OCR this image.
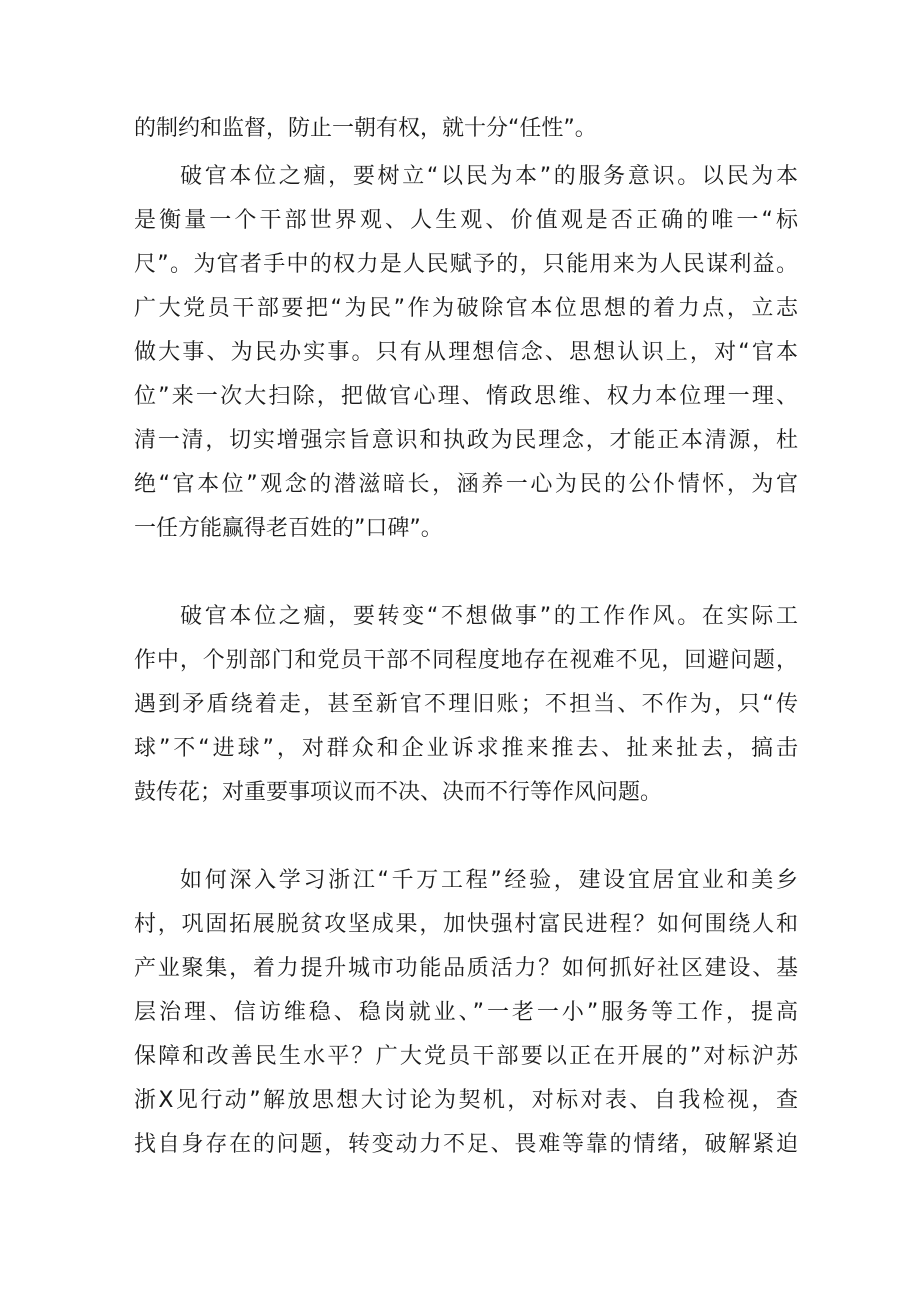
的制约和监督，防止一朝有权，就十分“任性”。
破官本位之痼，要树立“以民为本”的服务意识。以民为本
是衡量一个干部世界观、人生观、价值观是否正确的唯一“标
尺”。为官者手中的权力是人民赋予的，只能用来为人民谋利益。
广大党员干部要把“为民”作为破除官本位思想的着力点，立志
做大事、为民办实事。只有从理想信念、思想认识上，对“官本
位”来一次大扫除，把做官心理、惰政思维、权力本位理一理、
清一清，切实增强宗旨意识和执政为民理念，才能正本清源，杜
绝“官本位”观念的潜滋暗长，涵养一心为民的公仆情怀，为官
一任方能赢得老百姓的”口碑”。
破官本位之痼，要转变“不想做事”的工作作风。在实际工
作中，个别部门和党员干部不同程度地存在视难不见，回避问题，
遇到矛盾绕着走，甚至新官不理旧账；不担当、不作为，只“传
球”不“进球”，对群众和企业诉求推来推去、扯来扯去，搞击
鼓传花；对重要事项议而不决、决而不行等作风问题。
如何深入学习浙江“千万工程”经验，建设宜居宜业和美乡
村，巩固拓展脱贫攻坚成果，加快强村富民进程？如何围绕人和
产业聚集，着力提升城市功能品质活力？如何抓好社区建设、基
层治理、信访维稳、稳岗就业、”一老一小”服务等工作，提高
保障和改善民生水平？广大党员干部要以正在开展的”对标沪苏
浙X见行动”解放思想大讨论为契机，对标对表、自我检视，查
找自身存在的问题，转变动力不足、畏难等靠的情绪，破解紧迫
